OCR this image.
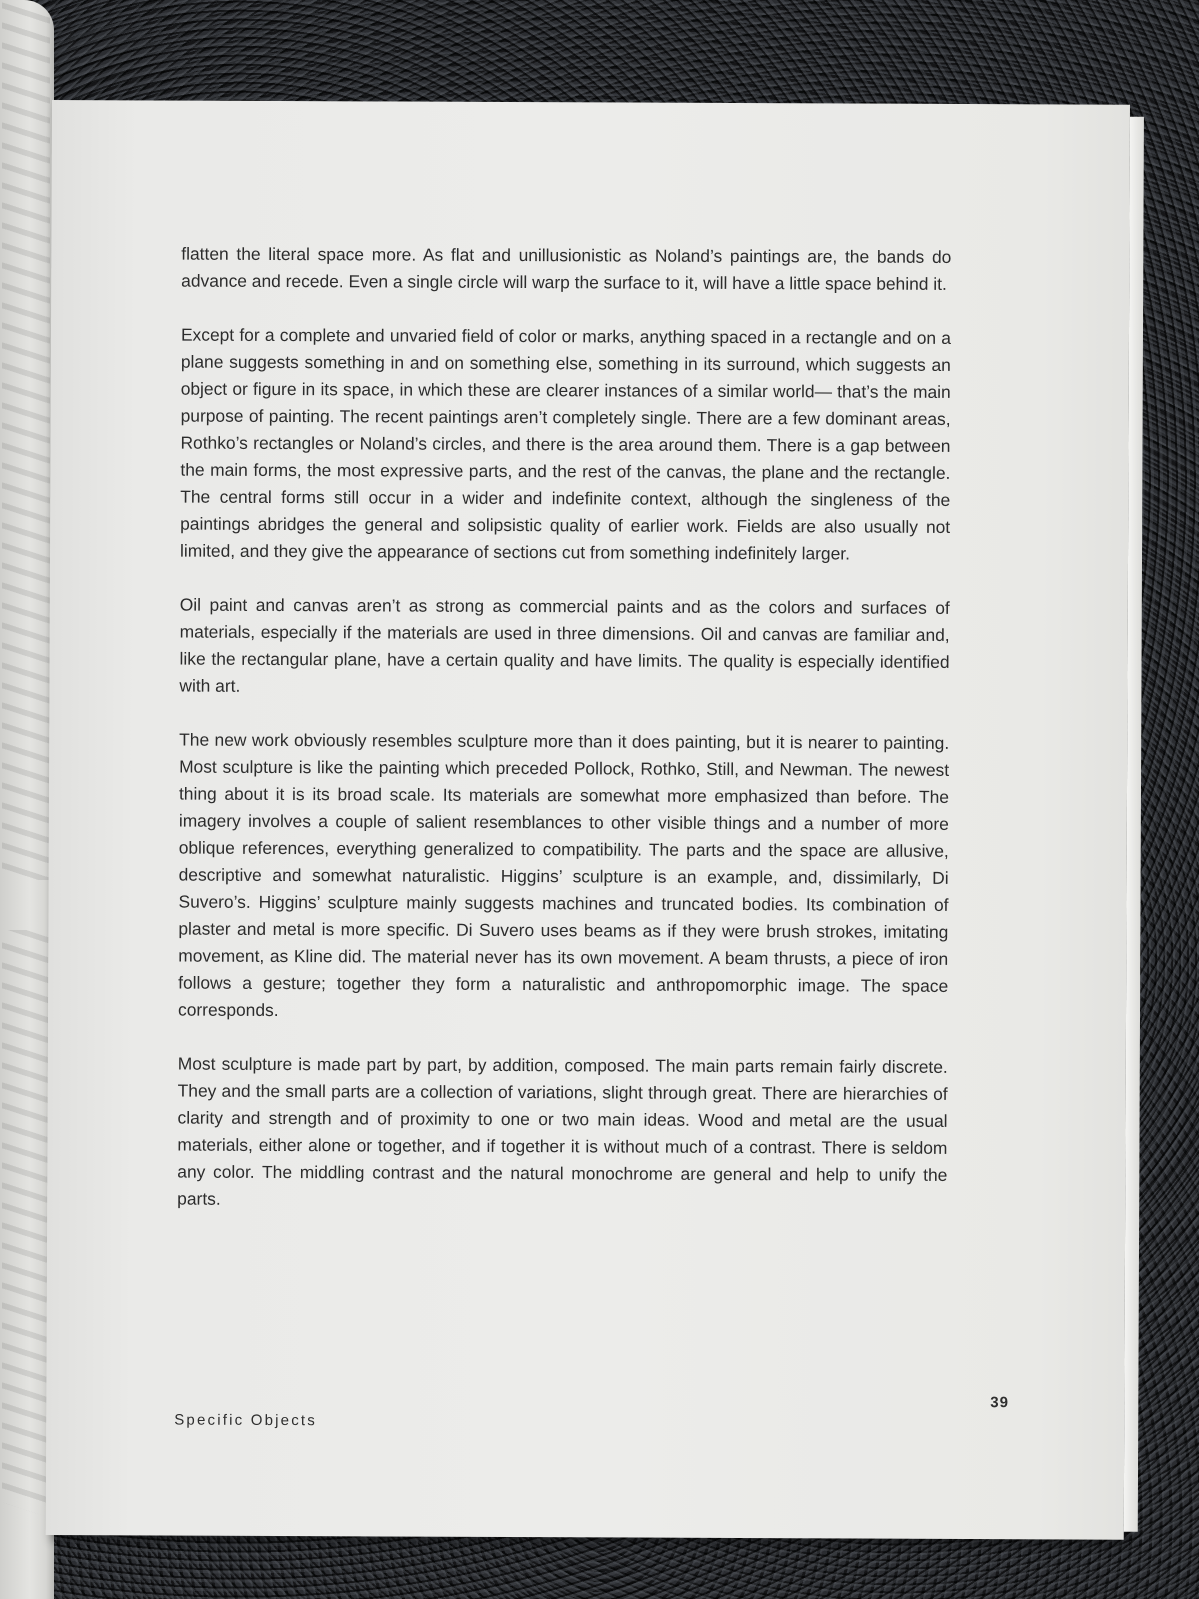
flatten the literal space more. As flat and unillusionistic as Noland’s paintings are, the bands do advance and recede. Even a single circle will warp the surface to it, will have a little space behind it.

Except for a complete and unvaried field of color or marks, anything spaced in a rectangle and on a plane suggests something in and on something else, something in its surround, which suggests an object or figure in its space, in which these are clearer instances of a similar world— that’s the main purpose of painting. The recent paintings aren’t completely single. There are a few dominant areas, Rothko’s rectangles or Noland’s circles, and there is the area around them. There is a gap between the main forms, the most expressive parts, and the rest of the canvas, the plane and the rectangle. The central forms still occur in a wider and indefinite context, although the singleness of the paintings abridges the general and solipsistic quality of earlier work. Fields are also usually not limited, and they give the appearance of sections cut from something indefinitely larger.

Oil paint and canvas aren’t as strong as commercial paints and as the colors and surfaces of materials, especially if the materials are used in three dimensions. Oil and canvas are familiar and, like the rectangular plane, have a certain quality and have limits. The quality is especially identified with art.

The new work obviously resembles sculpture more than it does painting, but it is nearer to painting. Most sculpture is like the painting which preceded Pollock, Rothko, Still, and Newman. The newest thing about it is its broad scale. Its materials are somewhat more emphasized than before. The imagery involves a couple of salient resemblances to other visible things and a number of more oblique references, everything generalized to compatibility. The parts and the space are allusive, descriptive and somewhat naturalistic. Higgins’ sculpture is an example, and, dissimilarly, Di Suvero’s. Higgins’ sculpture mainly suggests machines and truncated bodies. Its combination of plaster and metal is more specific. Di Suvero uses beams as if they were brush strokes, imitating movement, as Kline did. The material never has its own movement. A beam thrusts, a piece of iron follows a gesture; together they form a naturalistic and anthropomorphic image. The space corresponds.

Most sculpture is made part by part, by addition, composed. The main parts remain fairly discrete. They and the small parts are a collection of variations, slight through great. There are hierarchies of clarity and strength and of proximity to one or two main ideas. Wood and metal are the usual materials, either alone or together, and if together it is without much of a contrast. There is seldom any color. The middling contrast and the natural monochrome are general and help to unify the parts.

Specific Objects
39
